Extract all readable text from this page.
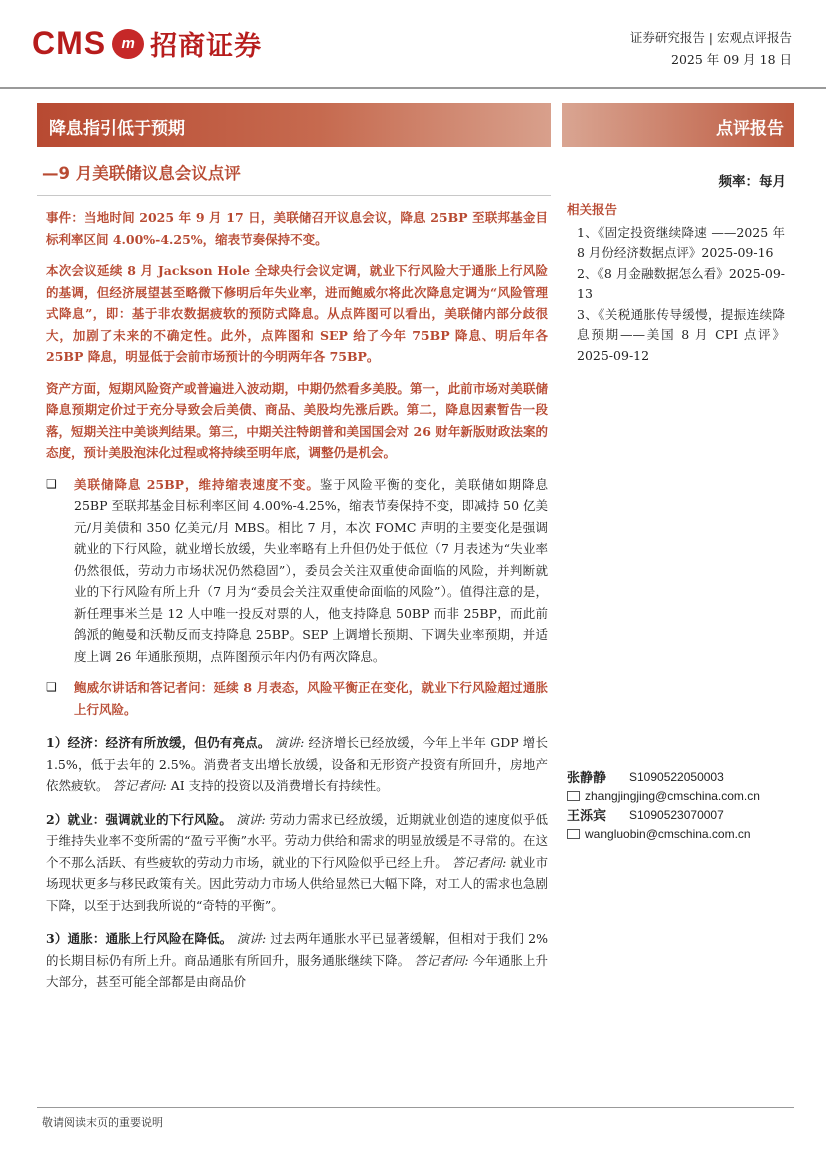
CMS	m 招商证券	证券研究报告 | 宏观点评报告
2025 年 09 月 18 日
降息指引低于预期	点评报告
—9 月美联储议息会议点评	频率：每月

事件：当地时间 2025 年 9 月 17 日，美联储召开议息会议，降息 25BP 至联邦基金目标利率区间 4.00%-4.25%，缩表节奏保持不变。

本次会议延续 8 月 Jackson Hole 全球央行会议定调，就业下行风险大于通胀上行风险的基调，但经济展望甚至略微下修明后年失业率，进而鲍威尔将此次降息定调为“风险管理式降息”，即：基于非农数据疲软的预防式降息。从点阵图可以看出，美联储内部分歧很大，加剧了未来的不确定性。此外，点阵图和 SEP 给了今年 75BP 降息、明后年各 25BP 降息，明显低于会前市场预计的今明两年各 75BP。

资产方面，短期风险资产或普遍进入波动期，中期仍然看多美股。第一，此前市场对美联储降息预期定价过于充分导致会后美债、商品、美股均先涨后跌。第二，降息因素暂告一段落，短期关注中美谈判结果。第三，中期关注特朗普和美国国会对 26 财年新版财政法案的态度，预计美股泡沫化过程或将持续至明年底，调整仍是机会。

❑ 美联储降息 25BP，维持缩表速度不变。鉴于风险平衡的变化，美联储如期降息 25BP 至联邦基金目标利率区间 4.00%-4.25%，缩表节奏保持不变，即减持 50 亿美元/月美债和 350 亿美元/月 MBS。相比 7 月，本次 FOMC 声明的主要变化是强调就业的下行风险，就业增长放缓，失业率略有上升但仍处于低位（7 月表述为“失业率仍然很低，劳动力市场状况仍然稳固”），委员会关注双重使命面临的风险，并判断就业的下行风险有所上升（7 月为“委员会关注双重使命面临的风险”）。值得注意的是，新任理事米兰是 12 人中唯一投反对票的人，他支持降息 50BP 而非 25BP，而此前鸽派的鲍曼和沃勒反而支持降息 25BP。SEP 上调增长预期、下调失业率预期，并适度上调 26 年通胀预期，点阵图预示年内仍有两次降息。
❑ 鲍威尔讲话和答记者问：延续 8 月表态，风险平衡正在变化，就业下行风险超过通胀上行风险。

1）经济：经济有所放缓，但仍有亮点。 演讲: 经济增长已经放缓，今年上半年 GDP 增长 1.5%，低于去年的 2.5%。消费者支出增长放缓，设备和无形资产投资有所回升，房地产依然疲软。 答记者问: AI 支持的投资以及消费增长有持续性。

2）就业：强调就业的下行风险。 演讲: 劳动力需求已经放缓，近期就业创造的速度似乎低于维持失业率不变所需的“盈亏平衡”水平。劳动力供给和需求的明显放缓是不寻常的。在这个不那么活跃、有些疲软的劳动力市场，就业的下行风险似乎已经上升。 答记者问: 就业市场现状更多与移民政策有关。因此劳动力市场人供给显然已大幅下降，对工人的需求也急剧下降，以至于达到我所说的“奇特的平衡”。

3）通胀：通胀上行风险在降低。 演讲: 过去两年通胀水平已显著缓解，但相对于我们 2% 的长期目标仍有所上升。商品通胀有所回升，服务通胀继续下降。 答记者问: 今年通胀上升大部分，甚至可能全部都是由商品价

相关报告

1、《固定投资继续降速 ——2025 年 8 月份经济数据点评》2025-09-16

2、《8 月金融数据怎么看》2025-09-13

3、《关税通胀传导缓慢，提振连续降息预期——美国 8 月 CPI 点评》2025-09-12

张静静	S1090522050003
zhangjingjing@cmschina.com.cn
王泺宾	S1090523070007
wangluobin@cmschina.com.cn
敬请阅读末页的重要说明
